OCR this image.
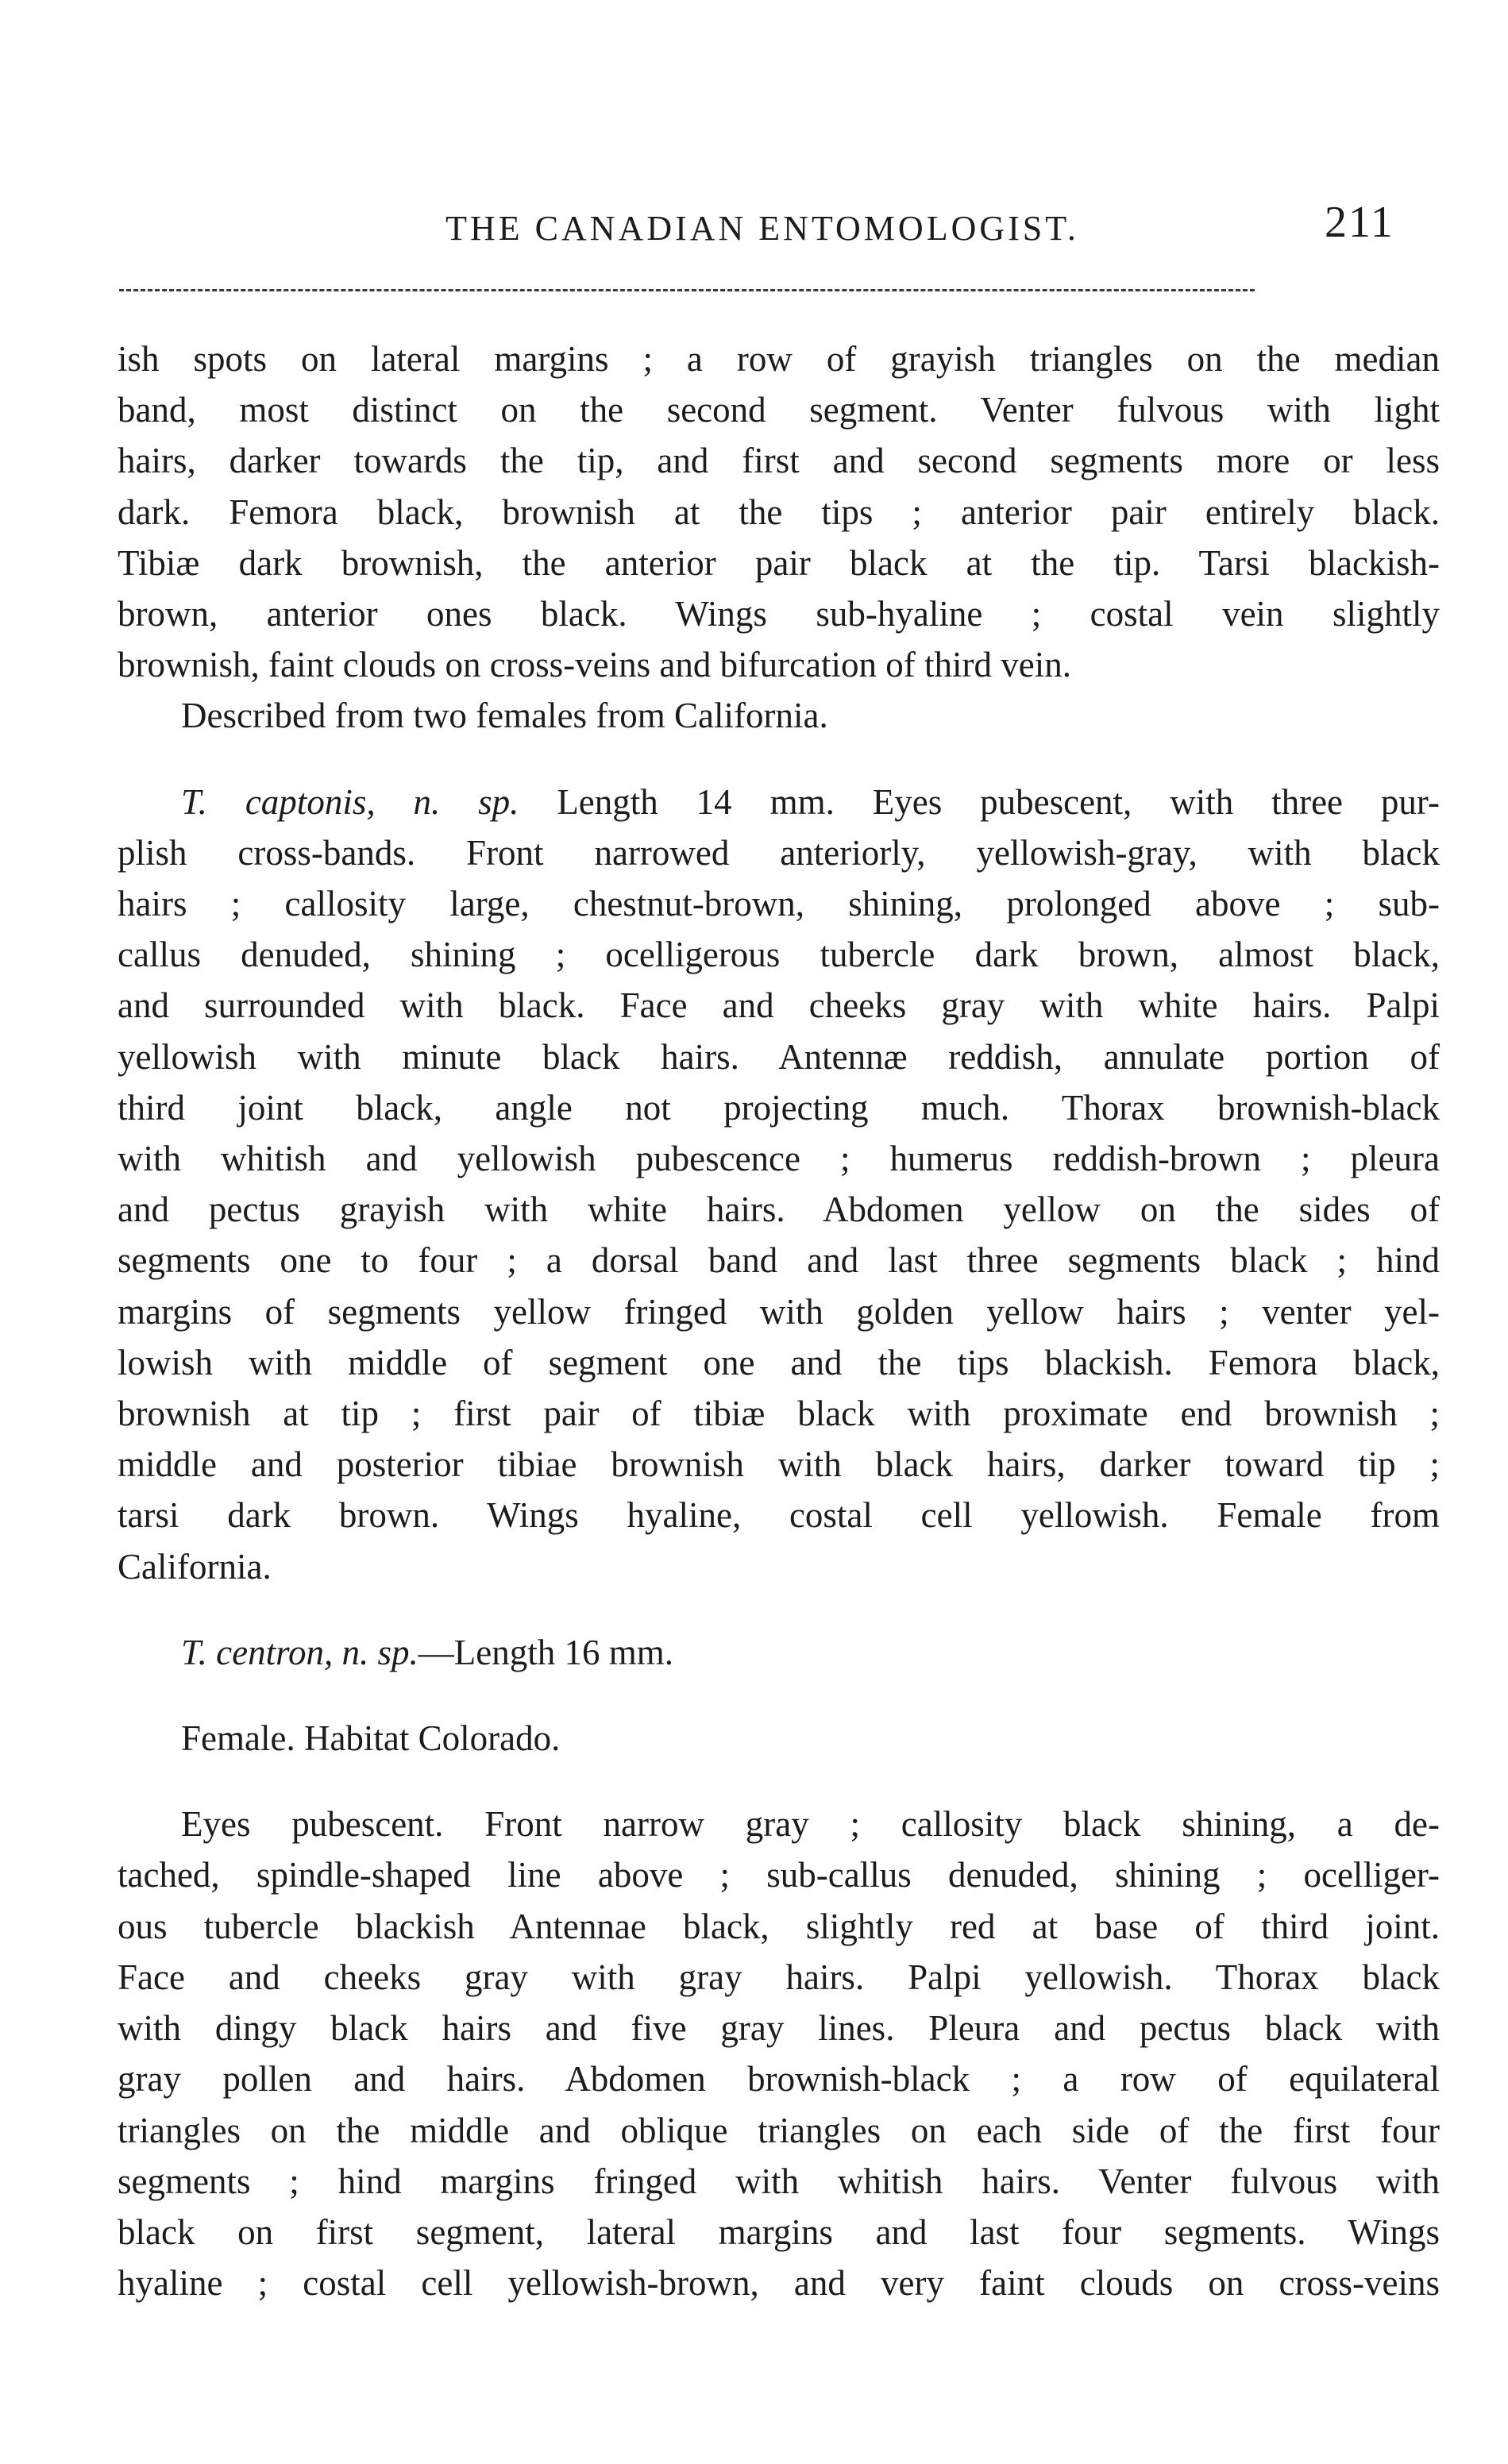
THE CANADIAN ENTOMOLOGIST.	211

ish spots on lateral margins ; a row of grayish triangles on the median

band, most distinct on the second segment. Venter fulvous with light

hairs, darker towards the tip, and first and second segments more or less

dark. Femora black, brownish at the tips ; anterior pair entirely black.

Tibiæ dark brownish, the anterior pair black at the tip. Tarsi blackish-

brown, anterior ones black. Wings sub-hyaline ; costal vein slightly

brownish, faint clouds on cross-veins and bifurcation of third vein.

Described from two females from California.

T. captonis, n. sp. Length 14 mm. Eyes pubescent, with three pur-

plish cross-bands. Front narrowed anteriorly, yellowish-gray, with black

hairs ; callosity large, chestnut-brown, shining, prolonged above ; sub-

callus denuded, shining ; ocelligerous tubercle dark brown, almost black,

and surrounded with black. Face and cheeks gray with white hairs. Palpi

yellowish with minute black hairs. Antennæ reddish, annulate portion of

third joint black, angle not projecting much. Thorax brownish-black

with whitish and yellowish pubescence ; humerus reddish-brown ; pleura

and pectus grayish with white hairs. Abdomen yellow on the sides of

segments one to four ; a dorsal band and last three segments black ; hind

margins of segments yellow fringed with golden yellow hairs ; venter yel-

lowish with middle of segment one and the tips blackish. Femora black,

brownish at tip ; first pair of tibiæ black with proximate end brownish ;

middle and posterior tibiae brownish with black hairs, darker toward tip ;

tarsi dark brown. Wings hyaline, costal cell yellowish. Female from

California.

T. centron, n. sp.—Length 16 mm.

Female. Habitat Colorado.

Eyes pubescent. Front narrow gray ; callosity black shining, a de-

tached, spindle-shaped line above ; sub-callus denuded, shining ; ocelliger-

ous tubercle blackish Antennae black, slightly red at base of third joint.

Face and cheeks gray with gray hairs. Palpi yellowish. Thorax black

with dingy black hairs and five gray lines. Pleura and pectus black with

gray pollen and hairs. Abdomen brownish-black ; a row of equilateral

triangles on the middle and oblique triangles on each side of the first four

segments ; hind margins fringed with whitish hairs. Venter fulvous with

black on first segment, lateral margins and last four segments. Wings

hyaline ; costal cell yellowish-brown, and very faint clouds on cross-veins
